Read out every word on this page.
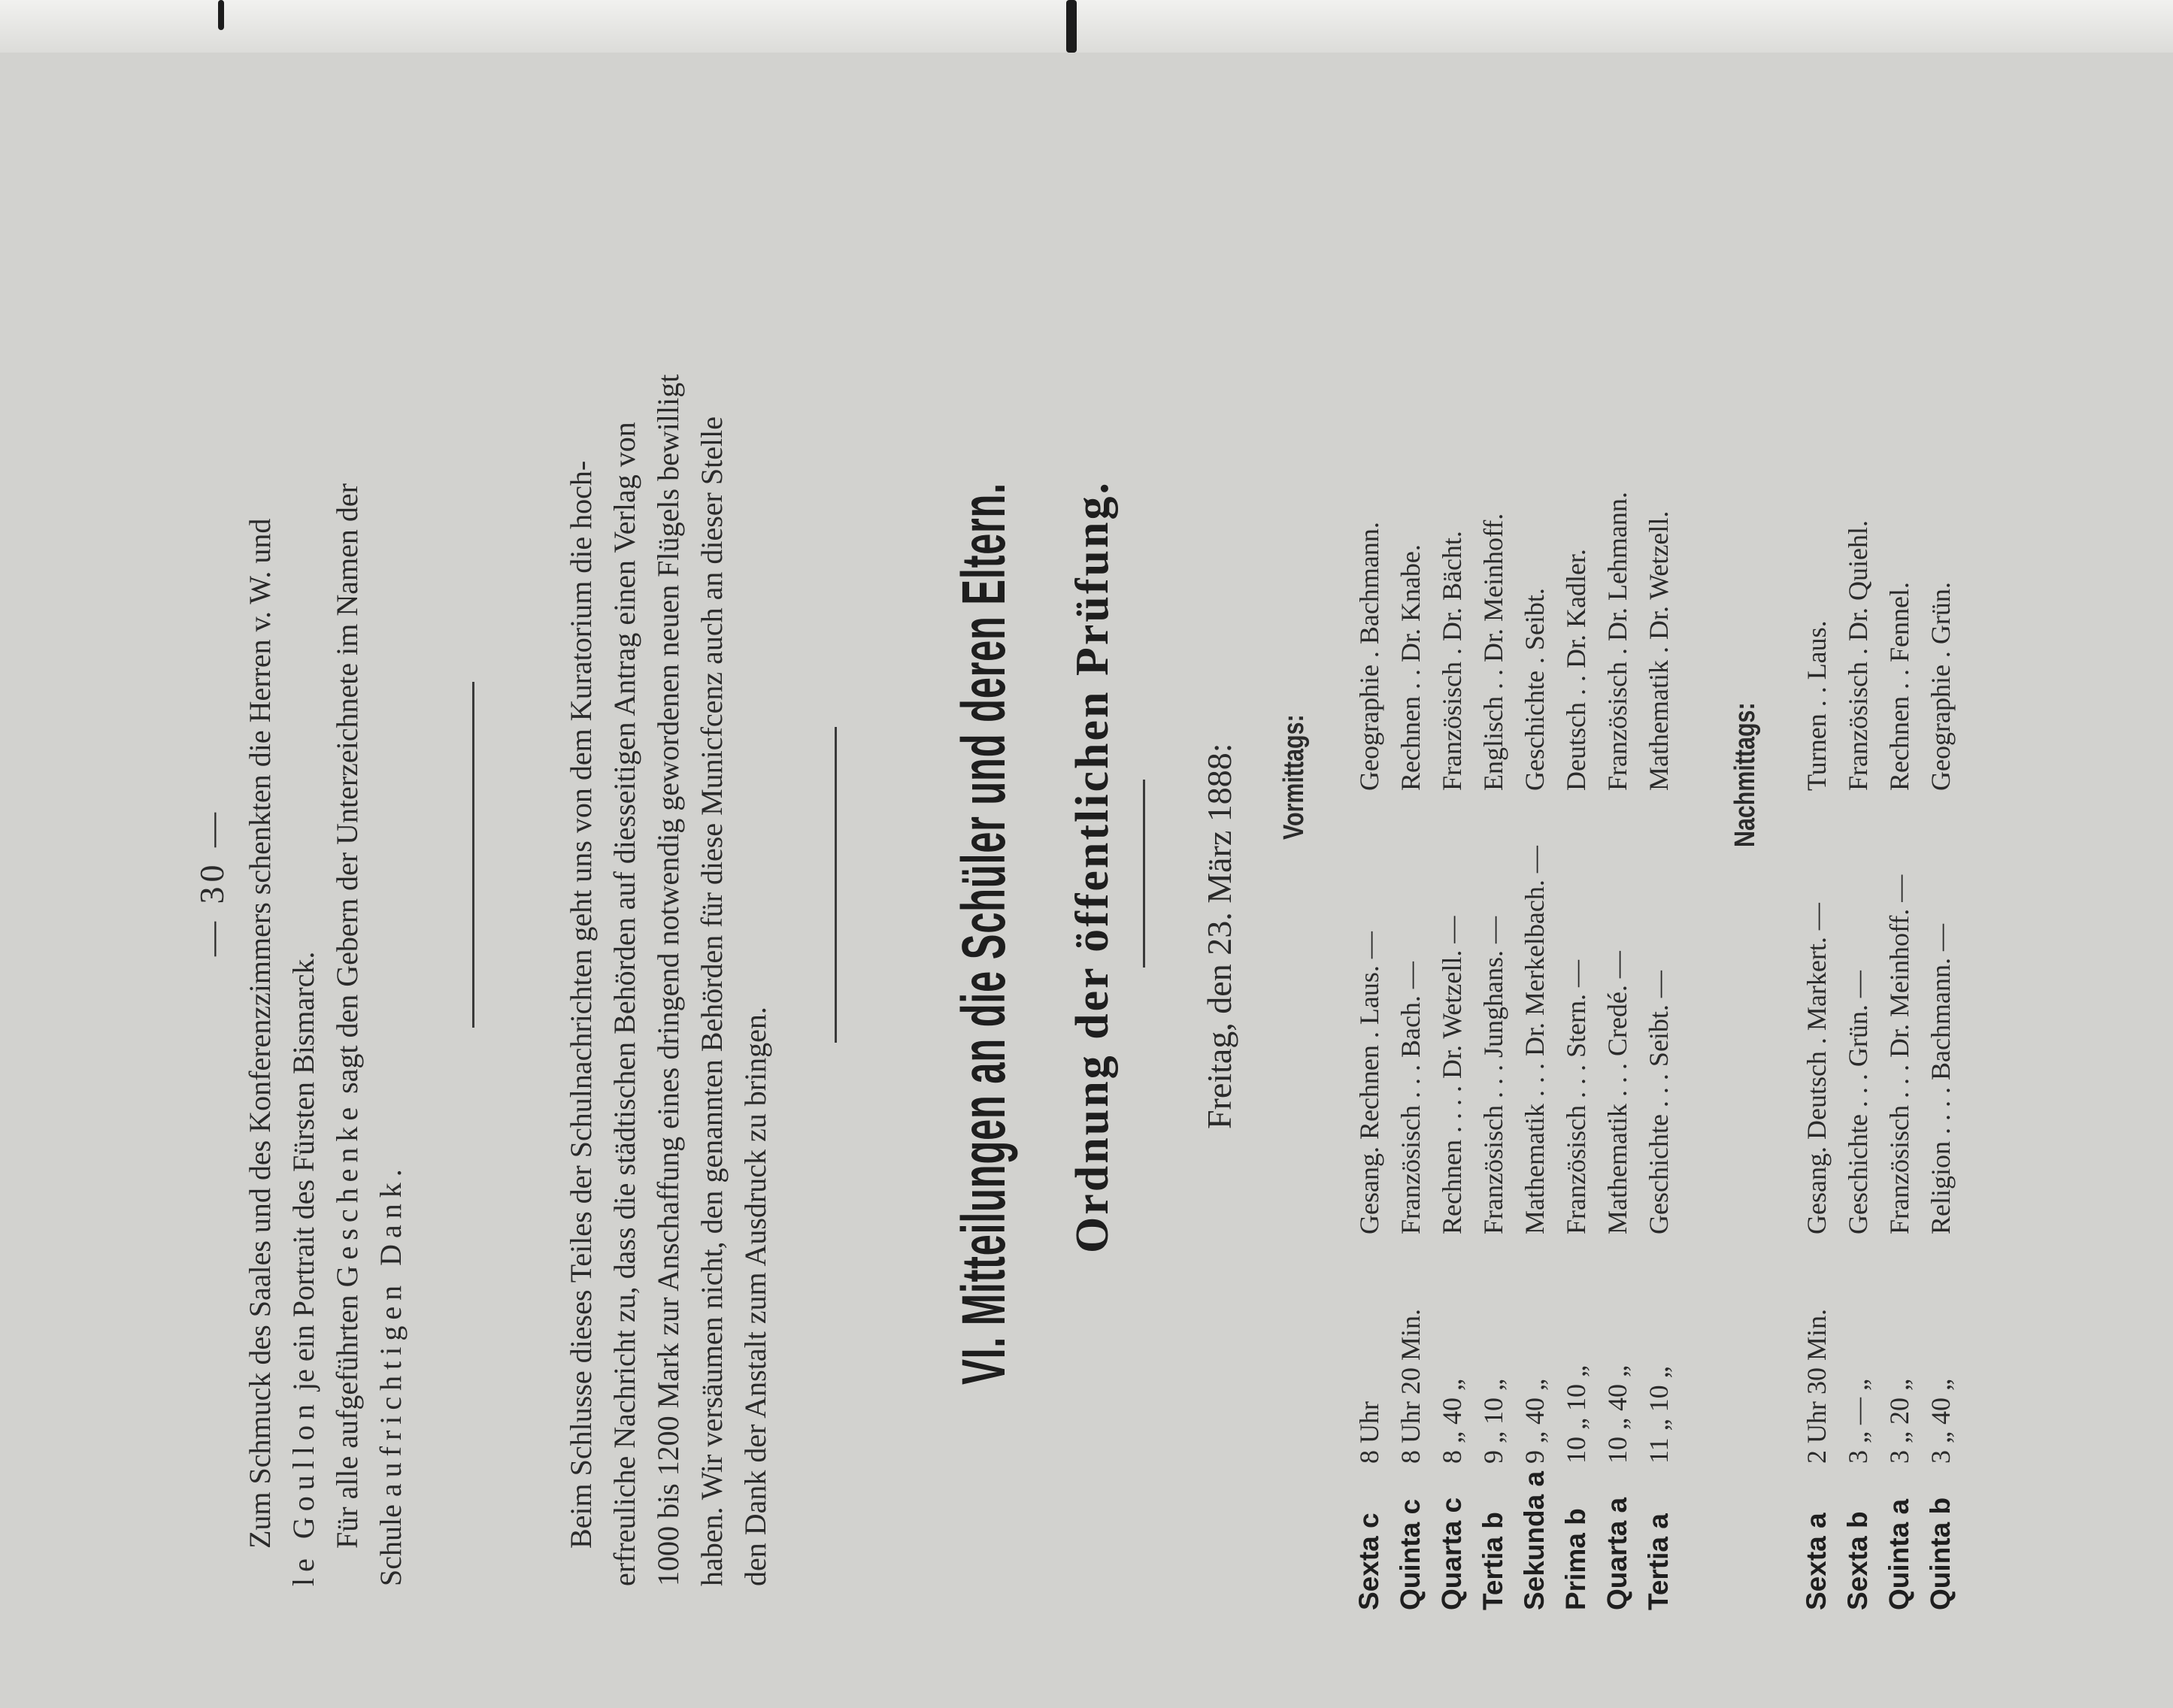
— 30 — Zum Schmuck des Saales und des Konferenzzimmers schenkten die Herren v. W. und le Goullon je ein Portrait des Fürsten Bismarck.
Für alle aufgeführten Geschenke sagt den Gebern der Unterzeichnete im Namen der
Schule aufrichtigen Dank.	Beim Schlusse dieses Teiles der Schulnachrichten geht uns von dem Kuratorium die hoch- erfreuliche Nachricht zu, dass die städtischen Behörden auf diesseitigen Antrag einen Verlag von 1000 bis 1200 Mark zur Anschaffung eines dringend notwendig gewordenen neuen Flügels bewilligt haben. Wir versäumen nicht, den genannten Behörden für diese Municfcenz auch an dieser Stelle den Dank der Anstalt zum Ausdruck zu bringen.	VI. Mitteilungen an die Schüler und deren Eltern. Ordnung der öffentlichen Prüfung. Freitag, den 23. März 1888: Vormittags:
Sexta c
8 Uhr
Gesang. Rechnen . Laus. —
Geographie . Bachmann.
Quinta c
8 Uhr 20 Min.
Französisch . . . Bach. —
Rechnen . . Dr. Knabe.
Quarta c
8 „ 40 „
Rechnen . . . . Dr. Wetzell. —
Französisch . Dr. Bächt.
Tertia b
9 „ 10 „
Französisch . . . Junghans. —
Englisch . . Dr. Meinhoff.
Sekunda a
9 „ 40 „
Mathematik . . . Dr. Merkelbach. —
Geschichte . Seibt.
Prima b
10 „ 10 „
Französisch . . . Stern. —
Deutsch . . Dr. Kadler.
Quarta a
10 „ 40 „
Mathematik . . . Credé. —
Französisch . Dr. Lehmann.
Tertia a
11 „ 10 „
Geschichte . . . Seibt. —
Mathematik . Dr. Wetzell. Nachmittags:
Sexta a
2 Uhr 30 Min.
Gesang. Deutsch . Markert. —
Turnen . . Laus.
Sexta b
3 „ — „
Geschichte . . . Grün. —
Französisch . Dr. Quiehl.
Quinta a
3 „ 20 „
Französisch . . . Dr. Meinhoff. —
Rechnen . . Fennel.
Quinta b
3 „ 40 „
Religion . . . . Bachmann. —
Geographie . Grün.
